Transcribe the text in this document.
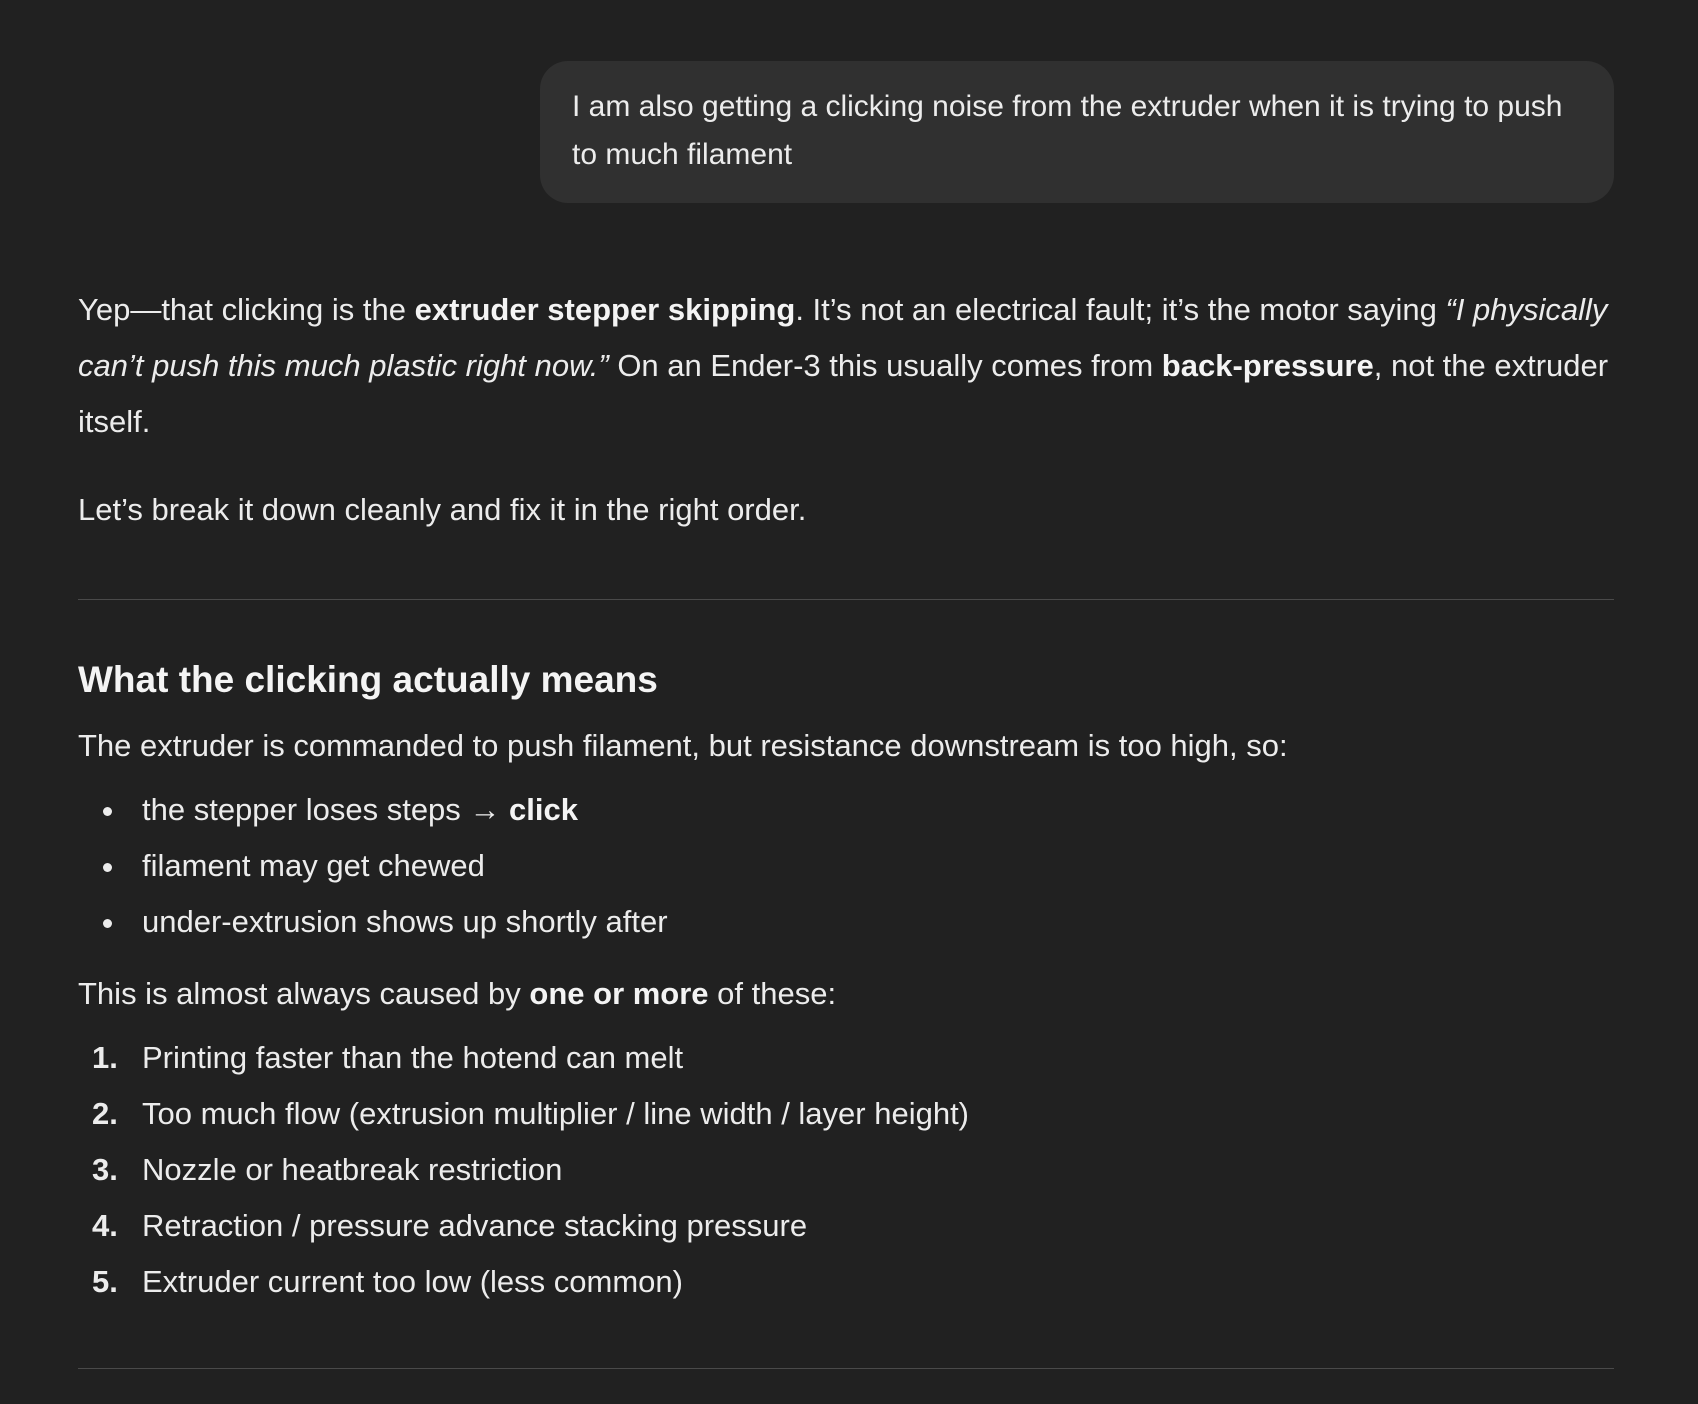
I am also getting a clicking noise from the extruder when it is trying to push to much filament

Yep—that clicking is the extruder stepper skipping. It’s not an electrical fault; it’s the motor saying “I physically can’t push this much plastic right now.” On an Ender-3 this usually comes from back-pressure, not the extruder itself.

Let’s break it down cleanly and fix it in the right order.

What the clicking actually means

The extruder is commanded to push filament, but resistance downstream is too high, so:

the stepper loses steps → click
filament may get chewed
under-extrusion shows up shortly after

This is almost always caused by one or more of these:

1. Printing faster than the hotend can melt
2. Too much flow (extrusion multiplier / line width / layer height)
3. Nozzle or heatbreak restriction
4. Retraction / pressure advance stacking pressure
5. Extruder current too low (less common)
